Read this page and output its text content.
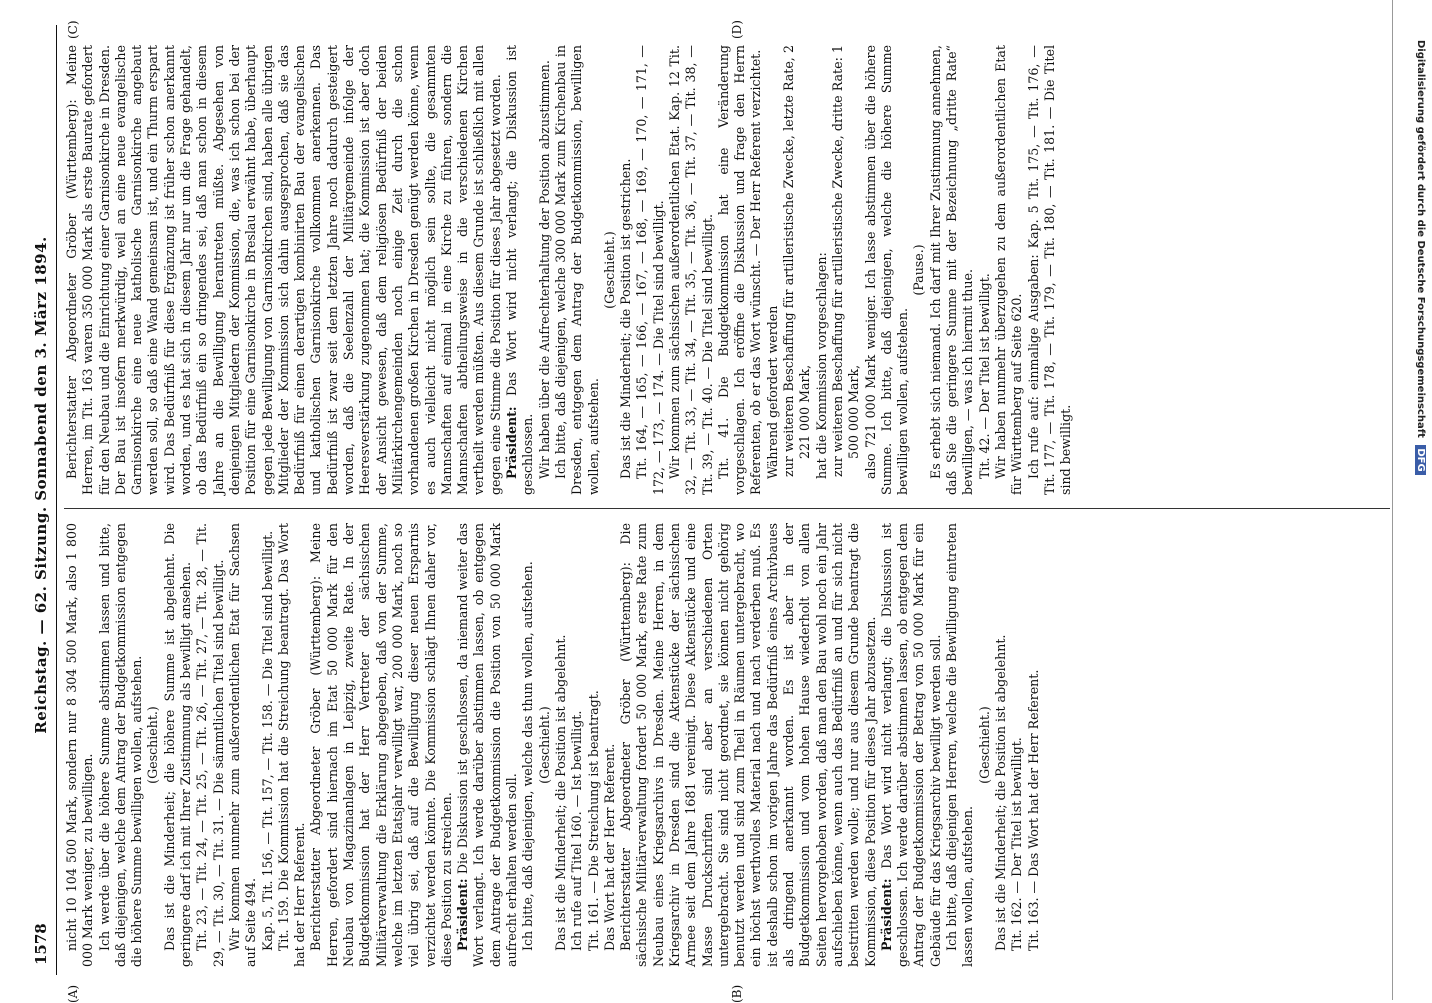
1578
Reichstag. — 62. Sitzung. Sonnabend den 3. März 1894.
(A)	(B)
(C)	(D)

nicht 10 104 500 Mark, sondern nur 8 304 500 Mark, also 1 800 000 Mark weniger, zu bewilligen. Ich werde über die höhere Summe abstimmen lassen und bitte, daß diejenigen, welche dem Antrag der Budgetkommission entgegen die höhere Summe bewilligen wollen, aufstehen. (Geschieht.) Das ist die Minderheit; die höhere Summe ist abgelehnt. Die geringere darf ich mit Ihrer Zustimmung als bewilligt ansehen. Tit. 23, — Tit. 24, — Tit. 25, — Tit. 26, — Tit. 27, — Tit. 28, — Tit. 29, — Tit. 30, — Tit. 31. — Die sämmtlichen Titel sind bewilligt. Wir kommen nunmehr zum außerordentlichen Etat für Sachsen auf Seite 494. Kap. 5, Tit. 156, — Tit. 157, — Tit. 158. — Die Titel sind bewilligt. Tit. 159. Die Kommission hat die Streichung beantragt. Das Wort hat der Herr Referent. Berichterstatter Abgeordneter Gröber (Württemberg): Meine Herren, gefordert sind hiernach im Etat 50 000 Mark für den Neubau von Magazinanlagen in Leipzig, zweite Rate. In der Budgetkommission hat der Herr Vertreter der sächsischen Militärverwaltung die Erklärung abgegeben, daß von der Summe, welche im letzten Etatsjahr verwilligt war, 200 000 Mark, noch so viel übrig sei, daß auf die Bewilligung dieser neuen Ersparnis verzichtet werden könnte. Die Kommission schlägt Ihnen daher vor, diese Position zu streichen. Präsident: Die Diskussion ist geschlossen, da niemand weiter das Wort verlangt. Ich werde darüber abstimmen lassen, ob entgegen dem Antrage der Budgetkommission die Position von 50 000 Mark aufrecht erhalten werden soll. Ich bitte, daß diejenigen, welche das thun wollen, aufstehen. (Geschieht.) Das ist die Minderheit; die Position ist abgelehnt. Ich rufe auf Titel 160. — Ist bewilligt. Tit. 161. — Die Streichung ist beantragt. Das Wort hat der Herr Referent. Berichterstatter Abgeordneter Gröber (Württemberg): Die sächsische Militärverwaltung fordert 50 000 Mark, erste Rate zum Neubau eines Kriegsarchivs in Dresden. Meine Herren, in dem Kriegsarchiv in Dresden sind die Aktenstücke der sächsischen Armee seit dem Jahre 1681 vereinigt. Diese Aktenstücke und eine Masse Druckschriften sind aber an verschiedenen Orten untergebracht. Sie sind nicht geordnet, sie können nicht gehörig benutzt werden und sind zum Theil in Räumen untergebracht, wo ein höchst werthvolles Material nach und nach verderben muß. Es ist deshalb schon im vorigen Jahre das Bedürfniß eines Archivbaues als dringend anerkannt worden. Es ist aber in der Budgetkommission und vom hohen Hause wiederholt von allen Seiten hervorgehoben worden, daß man den Bau wohl noch ein Jahr aufschieben könne, wenn auch das Bedürfniß an und für sich nicht bestritten werden wolle; und nur aus diesem Grunde beantragt die Kommission, diese Position für dieses Jahr abzusetzen. Präsident: Das Wort wird nicht verlangt; die Diskussion ist geschlossen. Ich werde darüber abstimmen lassen, ob entgegen dem Antrag der Budgetkommission der Betrag von 50 000 Mark für ein Gebäude für das Kriegsarchiv bewilligt werden soll. Ich bitte, daß diejenigen Herren, welche die Bewilligung eintreten lassen wollen, aufstehen.

(Geschieht.) Das ist die Minderheit; die Position ist abgelehnt. Tit. 162. — Der Titel ist bewilligt. Tit. 163. — Das Wort hat der Herr Referent.

Berichterstatter Abgeordneter Gröber (Württemberg): Meine Herren, im Tit. 163 waren 350 000 Mark als erste Baurate gefordert für den Neubau und die Einrichtung einer Garnisonkirche in Dresden. Der Bau ist insofern merkwürdig, weil an eine neue evangelische Garnisonkirche eine neue katholische Garnisonkirche angebaut werden soll, so daß eine Wand gemeinsam ist, und ein Thurm erspart wird. Das Bedürfniß für diese Ergänzung ist früher schon anerkannt worden, und es hat sich in diesem Jahr nur um die Frage gehandelt, ob das Bedürfniß ein so dringendes sei, daß man schon in diesem Jahre an die Bewilligung herantreten müßte. Abgesehen von denjenigen Mitgliedern der Kommission, die, was ich schon bei der Position für eine Garnisonkirche in Breslau erwähnt habe, überhaupt gegen jede Bewilligung von Garnisonkirchen sind, haben alle übrigen Mitglieder der Kommission sich dahin ausgesprochen, daß sie das Bedürfniß für einen derartigen kombinirten Bau der evangelischen und katholischen Garnisonkirche vollkommen anerkennen. Das Bedürfniß ist zwar seit dem letzten Jahre noch dadurch gesteigert worden, daß die Seelenzahl der Militärgemeinde infolge der Heeresverstärkung zugenommen hat; die Kommission ist aber doch der Ansicht gewesen, daß dem religiösen Bedürfniß der beiden Militärkirchengemeinden noch einige Zeit durch die schon vorhandenen großen Kirchen in Dresden genügt werden könne, wenn es auch vielleicht nicht möglich sein sollte, die gesammten Mannschaften auf einmal in eine Kirche zu führen, sondern die Mannschaften abtheilungsweise in die verschiedenen Kirchen vertheilt werden müßten. Aus diesem Grunde ist schließlich mit allen gegen eine Stimme die Position für dieses Jahr abgesetzt worden. Präsident: Das Wort wird nicht verlangt; die Diskussion ist geschlossen. Wir haben über die Aufrechterhaltung der Position abzustimmen. Ich bitte, daß diejenigen, welche 300 000 Mark zum Kirchenbau in Dresden, entgegen dem Antrag der Budgetkommission, bewilligen wollen, aufstehen.

(Geschieht.) Das ist die Minderheit; die Position ist gestrichen. Tit. 164, — 165, — 166, — 167, — 168, — 169, — 170, — 171, — 172, — 173, — 174. — Die Titel sind bewilligt. Wir kommen zum sächsischen außerordentlichen Etat. Kap. 12 Tit. 32, — Tit. 33, — Tit. 34, — Tit. 35, — Tit. 36, — Tit. 37, — Tit. 38, — Tit. 39, — Tit. 40. — Die Titel sind bewilligt. Tit. 41. Die Budgetkommission hat eine Veränderung vorgeschlagen. Ich eröffne die Diskussion und frage den Herrn Referenten, ob er das Wort wünscht. — Der Herr Referent verzichtet. Während gefordert werden zur weiteren Beschaffung für artilleristische Zwecke, letzte Rate, 2 221 000 Mark, hat die Kommission vorgeschlagen: zur weiteren Beschaffung für artilleristische Zwecke, dritte Rate: 1 500 000 Mark, also 721 000 Mark weniger. Ich lasse abstimmen über die höhere Summe. Ich bitte, daß diejenigen, welche die höhere Summe bewilligen wollen, aufstehen.

(Pause.) Es erhebt sich niemand. Ich darf mit Ihrer Zustimmung annehmen, daß Sie die geringere Summe mit der Bezeichnung „dritte Rate“ bewilligen, — was ich hiermit thue. Tit. 42. — Der Titel ist bewilligt. Wir haben nunmehr überzugehen zu dem außerordentlichen Etat für Württemberg auf Seite 620. Ich rufe auf: einmalige Ausgaben: Kap. 5 Tit. 175, — Tit. 176, — Tit. 177, — Tit. 178, — Tit. 179, — Tit. 180, — Tit. 181. — Die Titel sind bewilligt.

Digitalisierung gefördert durch die Deutsche Forschungsgemeinschaft DFG
